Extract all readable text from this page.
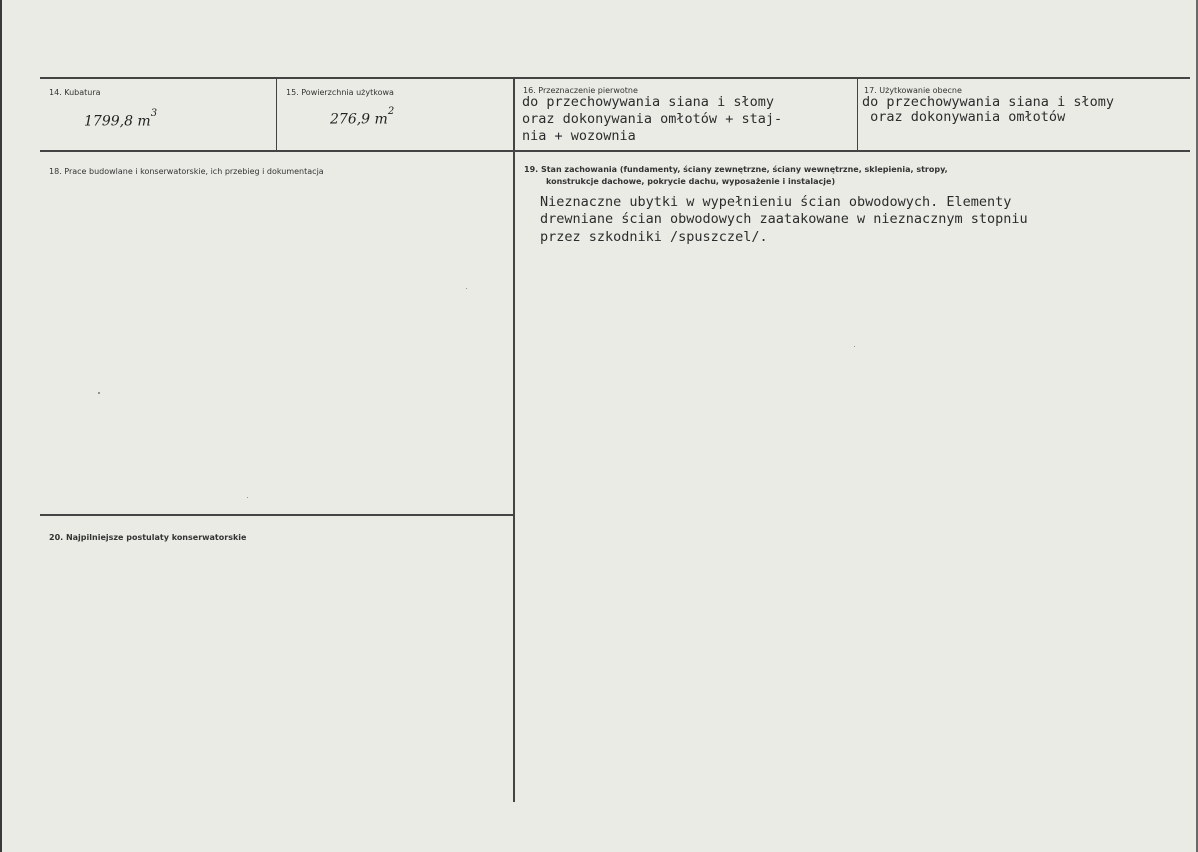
14. Kubatura
1799,8 $m^3$
15. Powierzchnia użytkowa
276,9 $m^2$
16. Przeznaczenie pierwotne
do przechowywania siana i słomy
oraz dokonywania omłotów + staj-
nia + wozownia
17. Użytkowanie obecne
do przechowywania siana i słomy
oraz dokonywania omłotów
18. Prace budowlane i konserwatorskie, ich przebieg i dokumentacja	19. Stan zachowania (fundamenty, ściany zewnętrzne, ściany wewnętrzne, sklepienia, stropy,
konstrukcje dachowe, pokrycie dachu, wyposażenie i instalacje)
Nieznaczne ubytki w wypełnieniu ścian obwodowych. Elementy
drewniane ścian obwodowych zaatakowane w nieznacznym stopniu
przez szkodniki /spuszczel/.
20. Najpilniejsze postulaty konserwatorskie
